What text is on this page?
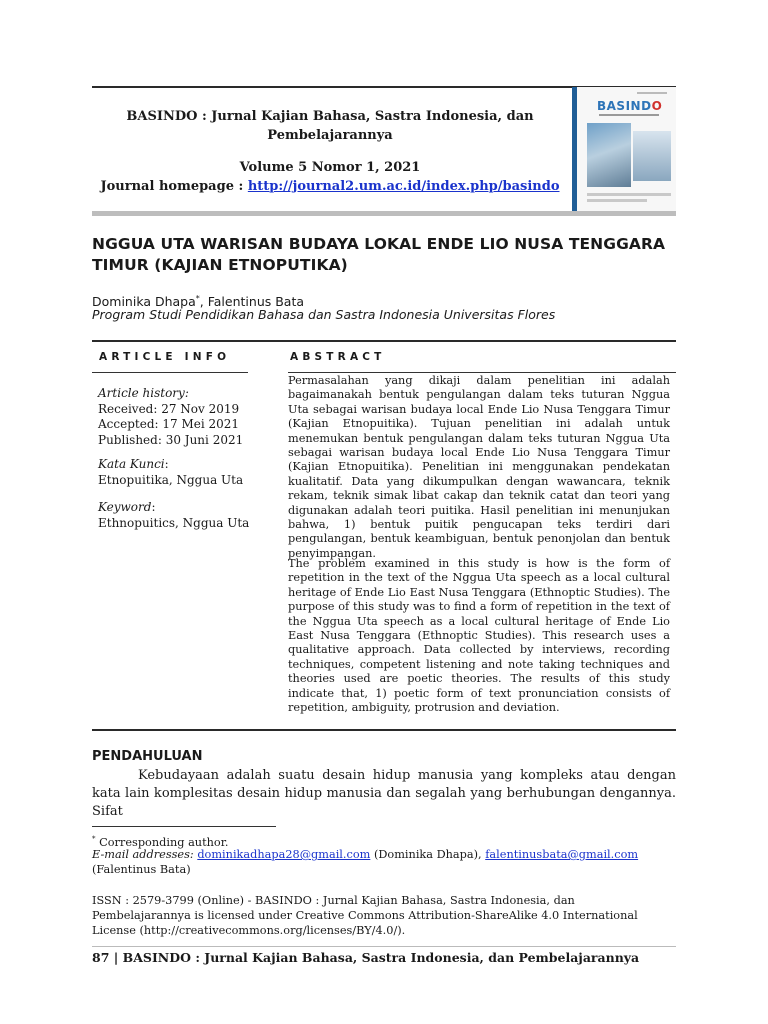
BASINDO : Jurnal Kajian Bahasa, Sastra Indonesia, dan
Pembelajarannya
Volume 5 Nomor 1, 2021
Journal homepage : http://journal2.um.ac.id/index.php/basindo
BASINDO
NGGUA UTA WARISAN BUDAYA LOKAL ENDE LIO NUSA TENGGARA
TIMUR (KAJIAN ETNOPUTIKA)
Dominika Dhapa*, Falentinus Bata
Program Studi Pendidikan Bahasa dan Sastra Indonesia Universitas Flores
ARTICLE INFO	ABSTRACT
Article history:
Received: 27 Nov 2019
Accepted: 17 Mei 2021
Published: 30 Juni 2021
Kata Kunci:
Etnopuitika, Nggua Uta
Keyword:
Ethnopuitics, Nggua Uta
Permasalahan yang dikaji dalam penelitian ini adalah bagaimanakah bentuk pengulangan dalam teks tuturan Nggua Uta sebagai warisan budaya local Ende Lio Nusa Tenggara Timur (Kajian Etnopuitika). Tujuan penelitian ini adalah untuk menemukan bentuk pengulangan dalam teks tuturan Nggua Uta sebagai warisan budaya local Ende Lio Nusa Tenggara Timur (Kajian Etnopuitika). Penelitian ini menggunakan pendekatan kualitatif. Data yang dikumpulkan dengan wawancara, teknik rekam, teknik simak libat cakap dan teknik catat dan teori yang digunakan adalah teori puitika. Hasil penelitian ini menunjukan bahwa, 1) bentuk puitik pengucapan teks terdiri dari pengulangan, bentuk keambiguan, bentuk penonjolan dan bentuk penyimpangan.
The problem examined in this study is how is the form of repetition in the text of the Nggua Uta speech as a local cultural heritage of Ende Lio East Nusa Tenggara (Ethnoptic Studies). The purpose of this study was to find a form of repetition in the text of the Nggua Uta speech as a local cultural heritage of Ende Lio East Nusa Tenggara (Ethnoptic Studies). This research uses a qualitative approach. Data collected by interviews, recording techniques, competent listening and note taking techniques and theories used are poetic theories. The results of this study indicate that, 1) poetic form of text pronunciation consists of repetition, ambiguity, protrusion and deviation.
PENDAHULUAN
Kebudayaan adalah suatu desain hidup manusia yang kompleks atau dengan kata lain komplesitas desain hidup manusia dan segalah yang berhubungan dengannya. Sifat
* Corresponding author.
E-mail addresses: dominikadhapa28@gmail.com (Dominika Dhapa), falentinusbata@gmail.com
(Falentinus Bata)
ISSN : 2579-3799 (Online) - BASINDO : Jurnal Kajian Bahasa, Sastra Indonesia, dan Pembelajarannya is licensed under Creative Commons Attribution-ShareAlike 4.0 International License (http://creativecommons.org/licenses/BY/4.0/).
87 | BASINDO : Jurnal Kajian Bahasa, Sastra Indonesia, dan Pembelajarannya
